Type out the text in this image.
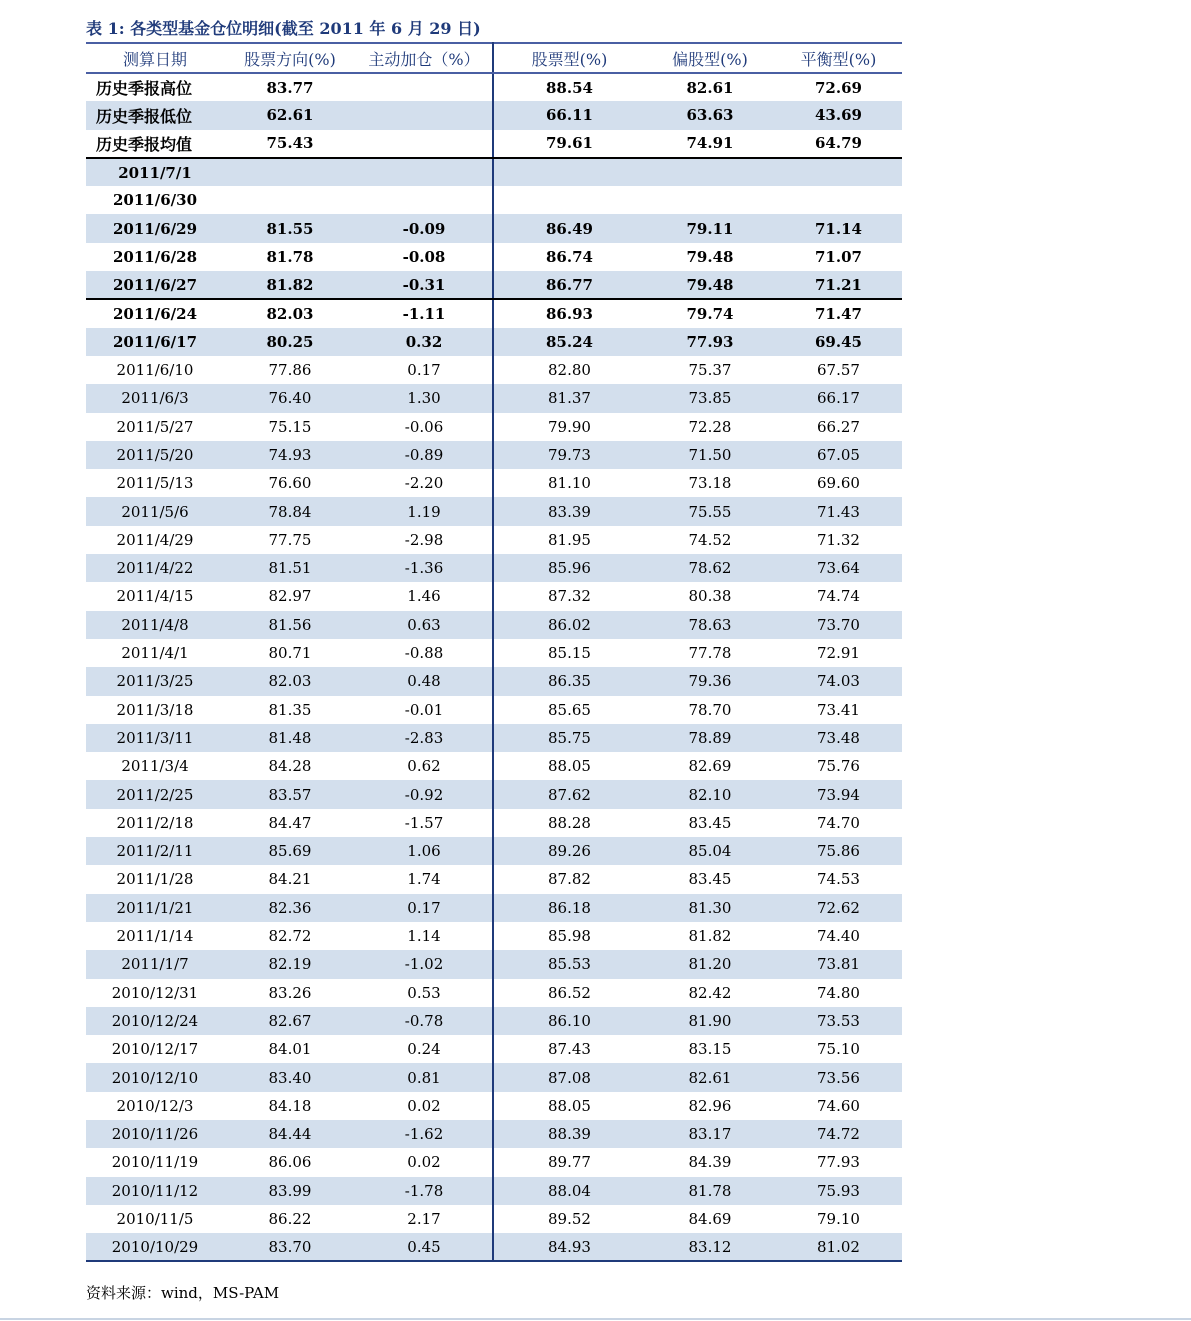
表 1: 各类型基金仓位明细(截至 2011 年 6 月 29 日)
测算日期	股票方向(%)	主动加仓（%）	股票型(%)	偏股型(%)	平衡型(%)
历史季报高位	83.77		88.54	82.61	72.69
历史季报低位	62.61		66.11	63.63	43.69
历史季报均值	75.43		79.61	74.91	64.79
2011/7/1					
2011/6/30					
2011/6/29	81.55	-0.09	86.49	79.11	71.14
2011/6/28	81.78	-0.08	86.74	79.48	71.07
2011/6/27	81.82	-0.31	86.77	79.48	71.21
2011/6/24	82.03	-1.11	86.93	79.74	71.47
2011/6/17	80.25	0.32	85.24	77.93	69.45
2011/6/10	77.86	0.17	82.80	75.37	67.57
2011/6/3	76.40	1.30	81.37	73.85	66.17
2011/5/27	75.15	-0.06	79.90	72.28	66.27
2011/5/20	74.93	-0.89	79.73	71.50	67.05
2011/5/13	76.60	-2.20	81.10	73.18	69.60
2011/5/6	78.84	1.19	83.39	75.55	71.43
2011/4/29	77.75	-2.98	81.95	74.52	71.32
2011/4/22	81.51	-1.36	85.96	78.62	73.64
2011/4/15	82.97	1.46	87.32	80.38	74.74
2011/4/8	81.56	0.63	86.02	78.63	73.70
2011/4/1	80.71	-0.88	85.15	77.78	72.91
2011/3/25	82.03	0.48	86.35	79.36	74.03
2011/3/18	81.35	-0.01	85.65	78.70	73.41
2011/3/11	81.48	-2.83	85.75	78.89	73.48
2011/3/4	84.28	0.62	88.05	82.69	75.76
2011/2/25	83.57	-0.92	87.62	82.10	73.94
2011/2/18	84.47	-1.57	88.28	83.45	74.70
2011/2/11	85.69	1.06	89.26	85.04	75.86
2011/1/28	84.21	1.74	87.82	83.45	74.53
2011/1/21	82.36	0.17	86.18	81.30	72.62
2011/1/14	82.72	1.14	85.98	81.82	74.40
2011/1/7	82.19	-1.02	85.53	81.20	73.81
2010/12/31	83.26	0.53	86.52	82.42	74.80
2010/12/24	82.67	-0.78	86.10	81.90	73.53
2010/12/17	84.01	0.24	87.43	83.15	75.10
2010/12/10	83.40	0.81	87.08	82.61	73.56
2010/12/3	84.18	0.02	88.05	82.96	74.60
2010/11/26	84.44	-1.62	88.39	83.17	74.72
2010/11/19	86.06	0.02	89.77	84.39	77.93
2010/11/12	83.99	-1.78	88.04	81.78	75.93
2010/11/5	86.22	2.17	89.52	84.69	79.10
2010/10/29	83.70	0.45	84.93	83.12	81.02
资料来源：wind，MS-PAM
